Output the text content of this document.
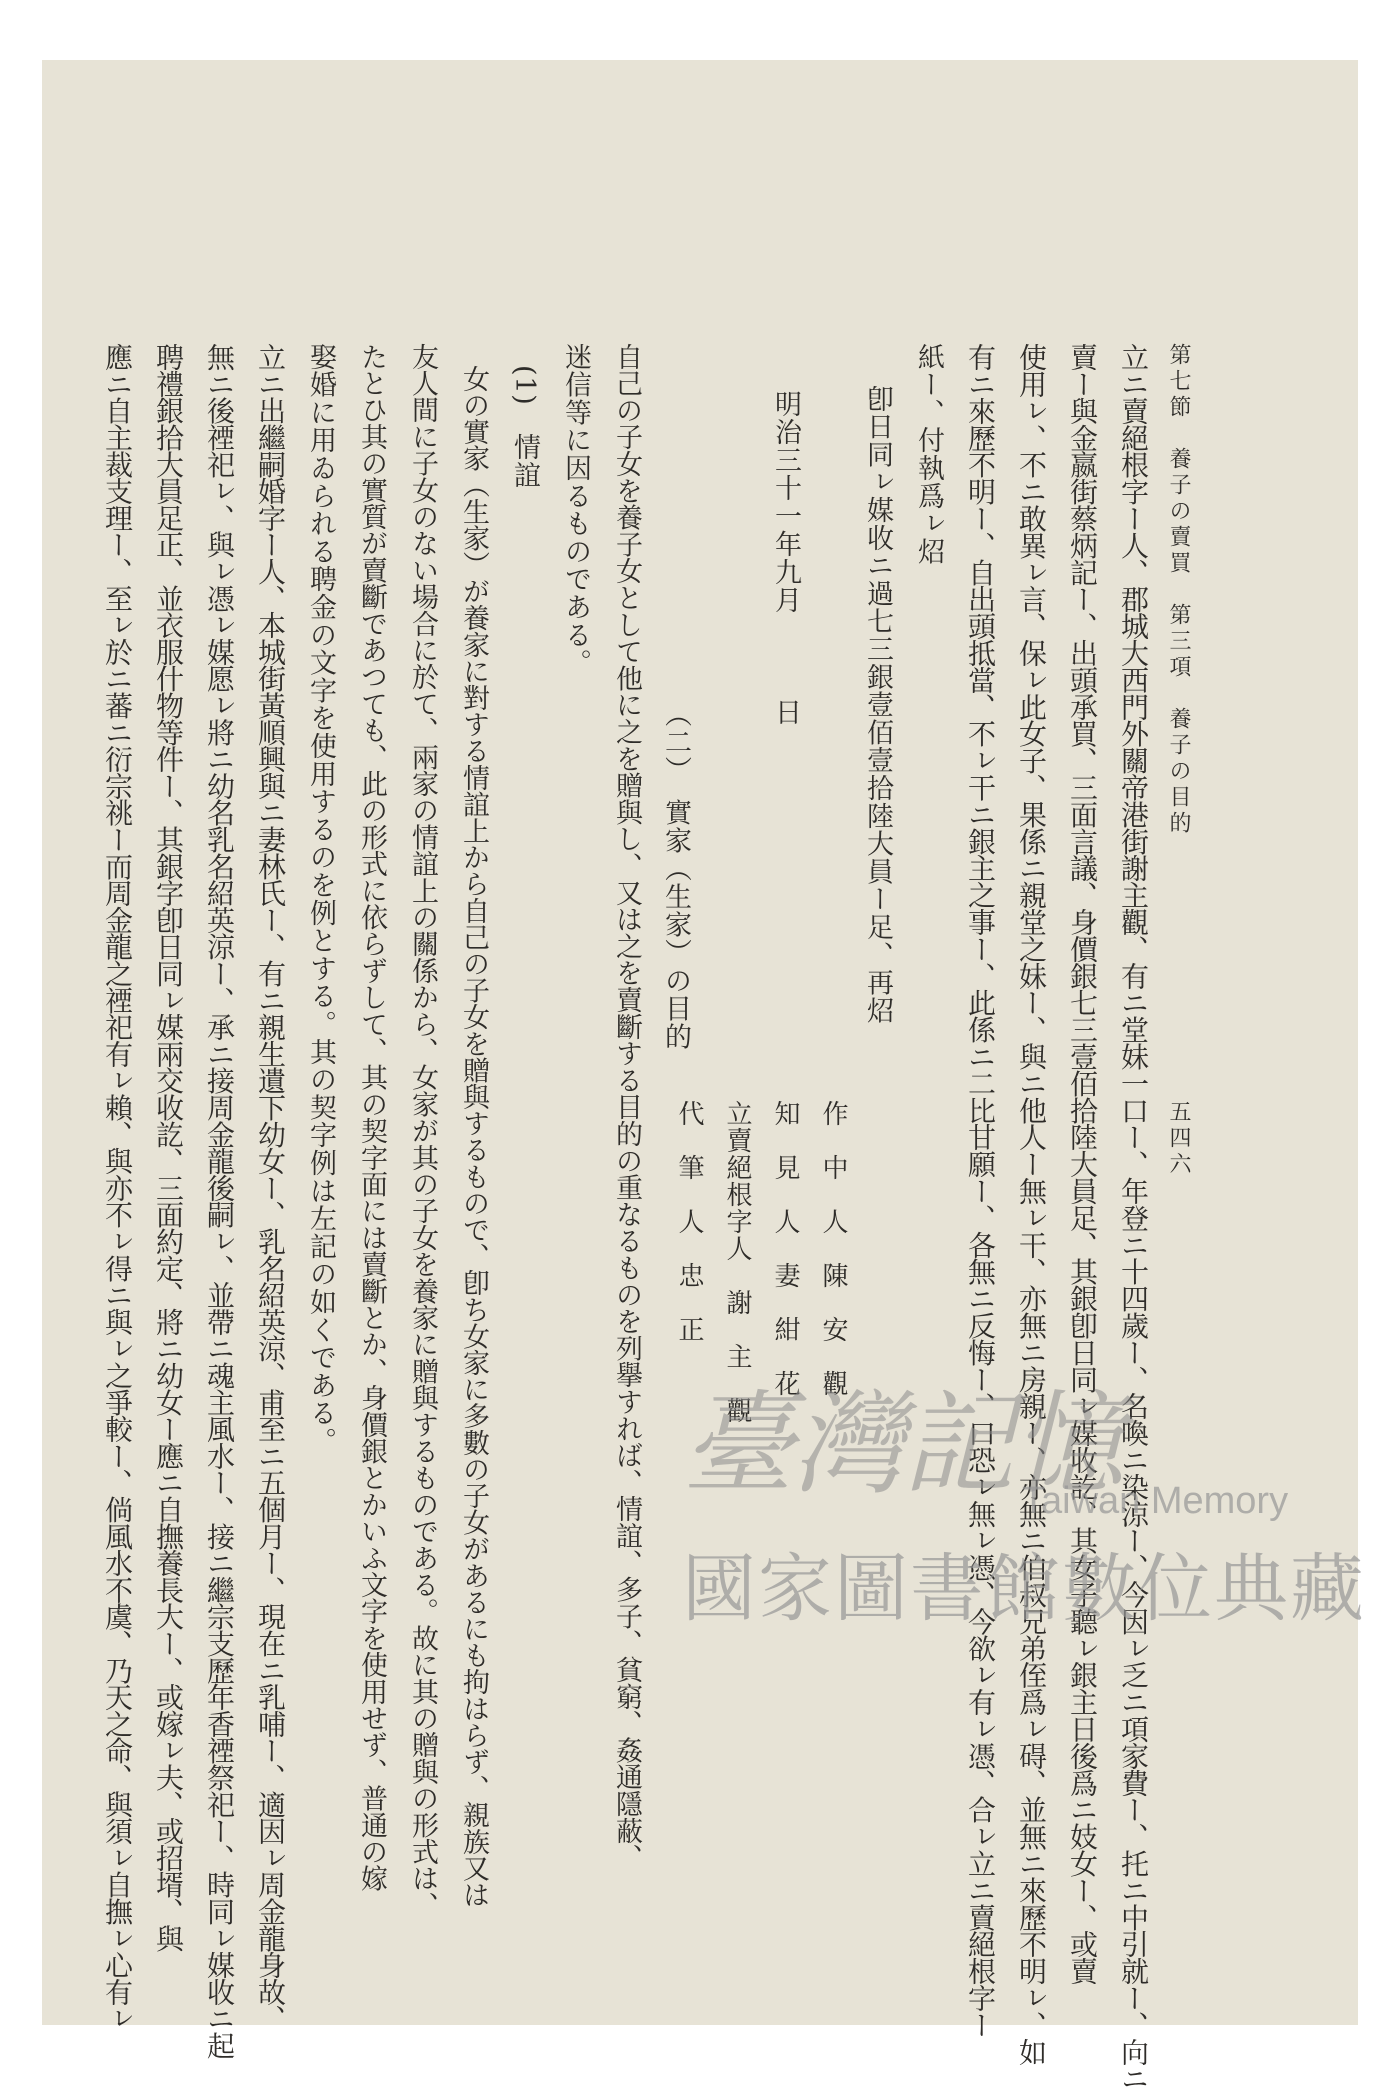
第七節　養子の賣買　第三項　養子の目的
五四六
立ニ賣絕根字ー人、郡城大西門外關帝港街謝主觀、有ニ堂妹一口ー、年登ニ十四歲ー、名喚ニ染涼ー、今因ㇾ乏ニ項家費ー、托ニ中引就ー、向ニ
賣ー與金嬴街蔡炳記ー、出頭承買、三面言議、身價銀七三壹佰拾陸大員足、其銀卽日同ㇾ媒收訖、其女子聽ㇾ銀主日後爲ニ妓女ー、或賣
使用ㇾ、不ニ敢異ㇾ言、保ㇾ此女子、果係ニ親堂之妹ー、與ニ他人ー無ㇾ干、亦無ニ房親ー、亦無ニ伯叔兄弟侄爲ㇾ碍、並無ニ來歷不明ㇾ、如
有ニ來歷不明ー、自出頭抵當、不ㇾ干ニ銀主之事ー、此係ニ二比甘願ー、各無ニ反悔ー、口恐ㇾ無ㇾ憑、今欲ㇾ有ㇾ憑、合ㇾ立ニ賣絕根字ー
紙ー、付執爲ㇾ炤
卽日同ㇾ媒收ニ過七三銀壹佰壹拾陸大員ー足、再炤
作　中　人　陳　安　觀
知　見　人　妻　紺　花
立賣絕根字人　謝　主　觀
代　筆　人　忠　正
明治三十一年九月　　　日
（二）　實家（生家）の目的
自己の子女を養子女として他に之を贈與し、又は之を賣斷する目的の重なるものを列擧すれば、情誼、多子、貧窮、姦通隱蔽、
迷信等に因るものである。
(1)　情誼
女の實家（生家）が養家に對する情誼上から自己の子女を贈與するもので、卽ち女家に多數の子女があるにも拘はらず、親族又は
友人間に子女のない場合に於て、兩家の情誼上の關係から、女家が其の子女を養家に贈與するものである。故に其の贈與の形式は、
たとひ其の實質が賣斷であつても、此の形式に依らずして、其の契字面には賣斷とか、身價銀とかいふ文字を使用せず、普通の嫁
娶婚に用ゐられる聘金の文字を使用するのを例とする。其の契字例は左記の如くである。
立ニ出繼嗣婚字ー人、本城街黃順興與ニ妻林氏ー、有ニ親生遺下幼女ー、乳名紹英涼、甫至ニ五個月ー、現在ニ乳哺ー、適因ㇾ周金龍身故、
無ニ後禋祀ㇾ、與ㇾ憑ㇾ媒愿ㇾ將ニ幼名乳名紹英涼ー、承ニ接周金龍後嗣ㇾ、並帶ニ魂主風水ー、接ニ繼宗支歷年香禋祭祀ー、時同ㇾ媒收ニ起
聘禮銀拾大員足正、並衣服什物等件ー、其銀字卽日同ㇾ媒兩交收訖、三面約定、將ニ幼女ー應ニ自撫養長大ー、或嫁ㇾ夫、或招壻、與
應ニ自主裁支理ー、至ㇾ於ニ蕃ニ衍宗祧ー而周金龍之禋祀有ㇾ賴、與亦不ㇾ得ニ與ㇾ之爭較ー、倘風水不虞、乃天之命、與須ㇾ自撫ㇾ心有ㇾ	臺灣記憶
Taiwan Memory
國家圖書館數位典藏
